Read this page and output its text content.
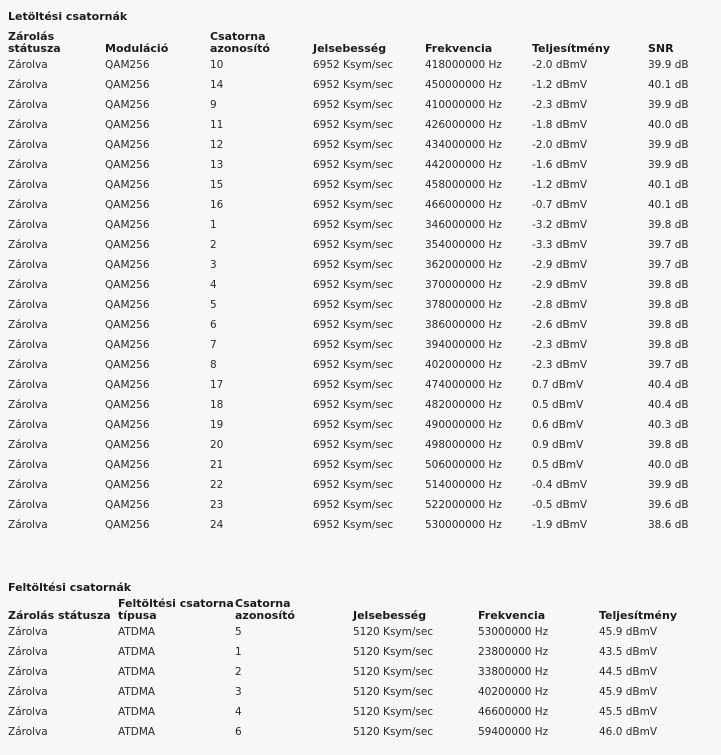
Letöltési csatornák
Zárolás státusza	Moduláció	Csatorna azonosító	Jelsebesség	Frekvencia	Teljesítmény	SNR
Zárolva	QAM256	10	6952 Ksym/sec	418000000 Hz	-2.0 dBmV	39.9 dB
Zárolva	QAM256	14	6952 Ksym/sec	450000000 Hz	-1.2 dBmV	40.1 dB
Zárolva	QAM256	9	6952 Ksym/sec	410000000 Hz	-2.3 dBmV	39.9 dB
Zárolva	QAM256	11	6952 Ksym/sec	426000000 Hz	-1.8 dBmV	40.0 dB
Zárolva	QAM256	12	6952 Ksym/sec	434000000 Hz	-2.0 dBmV	39.9 dB
Zárolva	QAM256	13	6952 Ksym/sec	442000000 Hz	-1.6 dBmV	39.9 dB
Zárolva	QAM256	15	6952 Ksym/sec	458000000 Hz	-1.2 dBmV	40.1 dB
Zárolva	QAM256	16	6952 Ksym/sec	466000000 Hz	-0.7 dBmV	40.1 dB
Zárolva	QAM256	1	6952 Ksym/sec	346000000 Hz	-3.2 dBmV	39.8 dB
Zárolva	QAM256	2	6952 Ksym/sec	354000000 Hz	-3.3 dBmV	39.7 dB
Zárolva	QAM256	3	6952 Ksym/sec	362000000 Hz	-2.9 dBmV	39.7 dB
Zárolva	QAM256	4	6952 Ksym/sec	370000000 Hz	-2.9 dBmV	39.8 dB
Zárolva	QAM256	5	6952 Ksym/sec	378000000 Hz	-2.8 dBmV	39.8 dB
Zárolva	QAM256	6	6952 Ksym/sec	386000000 Hz	-2.6 dBmV	39.8 dB
Zárolva	QAM256	7	6952 Ksym/sec	394000000 Hz	-2.3 dBmV	39.8 dB
Zárolva	QAM256	8	6952 Ksym/sec	402000000 Hz	-2.3 dBmV	39.7 dB
Zárolva	QAM256	17	6952 Ksym/sec	474000000 Hz	0.7 dBmV	40.4 dB
Zárolva	QAM256	18	6952 Ksym/sec	482000000 Hz	0.5 dBmV	40.4 dB
Zárolva	QAM256	19	6952 Ksym/sec	490000000 Hz	0.6 dBmV	40.3 dB
Zárolva	QAM256	20	6952 Ksym/sec	498000000 Hz	0.9 dBmV	39.8 dB
Zárolva	QAM256	21	6952 Ksym/sec	506000000 Hz	0.5 dBmV	40.0 dB
Zárolva	QAM256	22	6952 Ksym/sec	514000000 Hz	-0.4 dBmV	39.9 dB
Zárolva	QAM256	23	6952 Ksym/sec	522000000 Hz	-0.5 dBmV	39.6 dB
Zárolva	QAM256	24	6952 Ksym/sec	530000000 Hz	-1.9 dBmV	38.6 dB
Feltöltési csatornák
Zárolás státusza	Feltöltési csatorna típusa	Csatorna azonosító	Jelsebesség	Frekvencia	Teljesítmény
Zárolva	ATDMA	5	5120 Ksym/sec	53000000 Hz	45.9 dBmV
Zárolva	ATDMA	1	5120 Ksym/sec	23800000 Hz	43.5 dBmV
Zárolva	ATDMA	2	5120 Ksym/sec	33800000 Hz	44.5 dBmV
Zárolva	ATDMA	3	5120 Ksym/sec	40200000 Hz	45.9 dBmV
Zárolva	ATDMA	4	5120 Ksym/sec	46600000 Hz	45.5 dBmV
Zárolva	ATDMA	6	5120 Ksym/sec	59400000 Hz	46.0 dBmV
